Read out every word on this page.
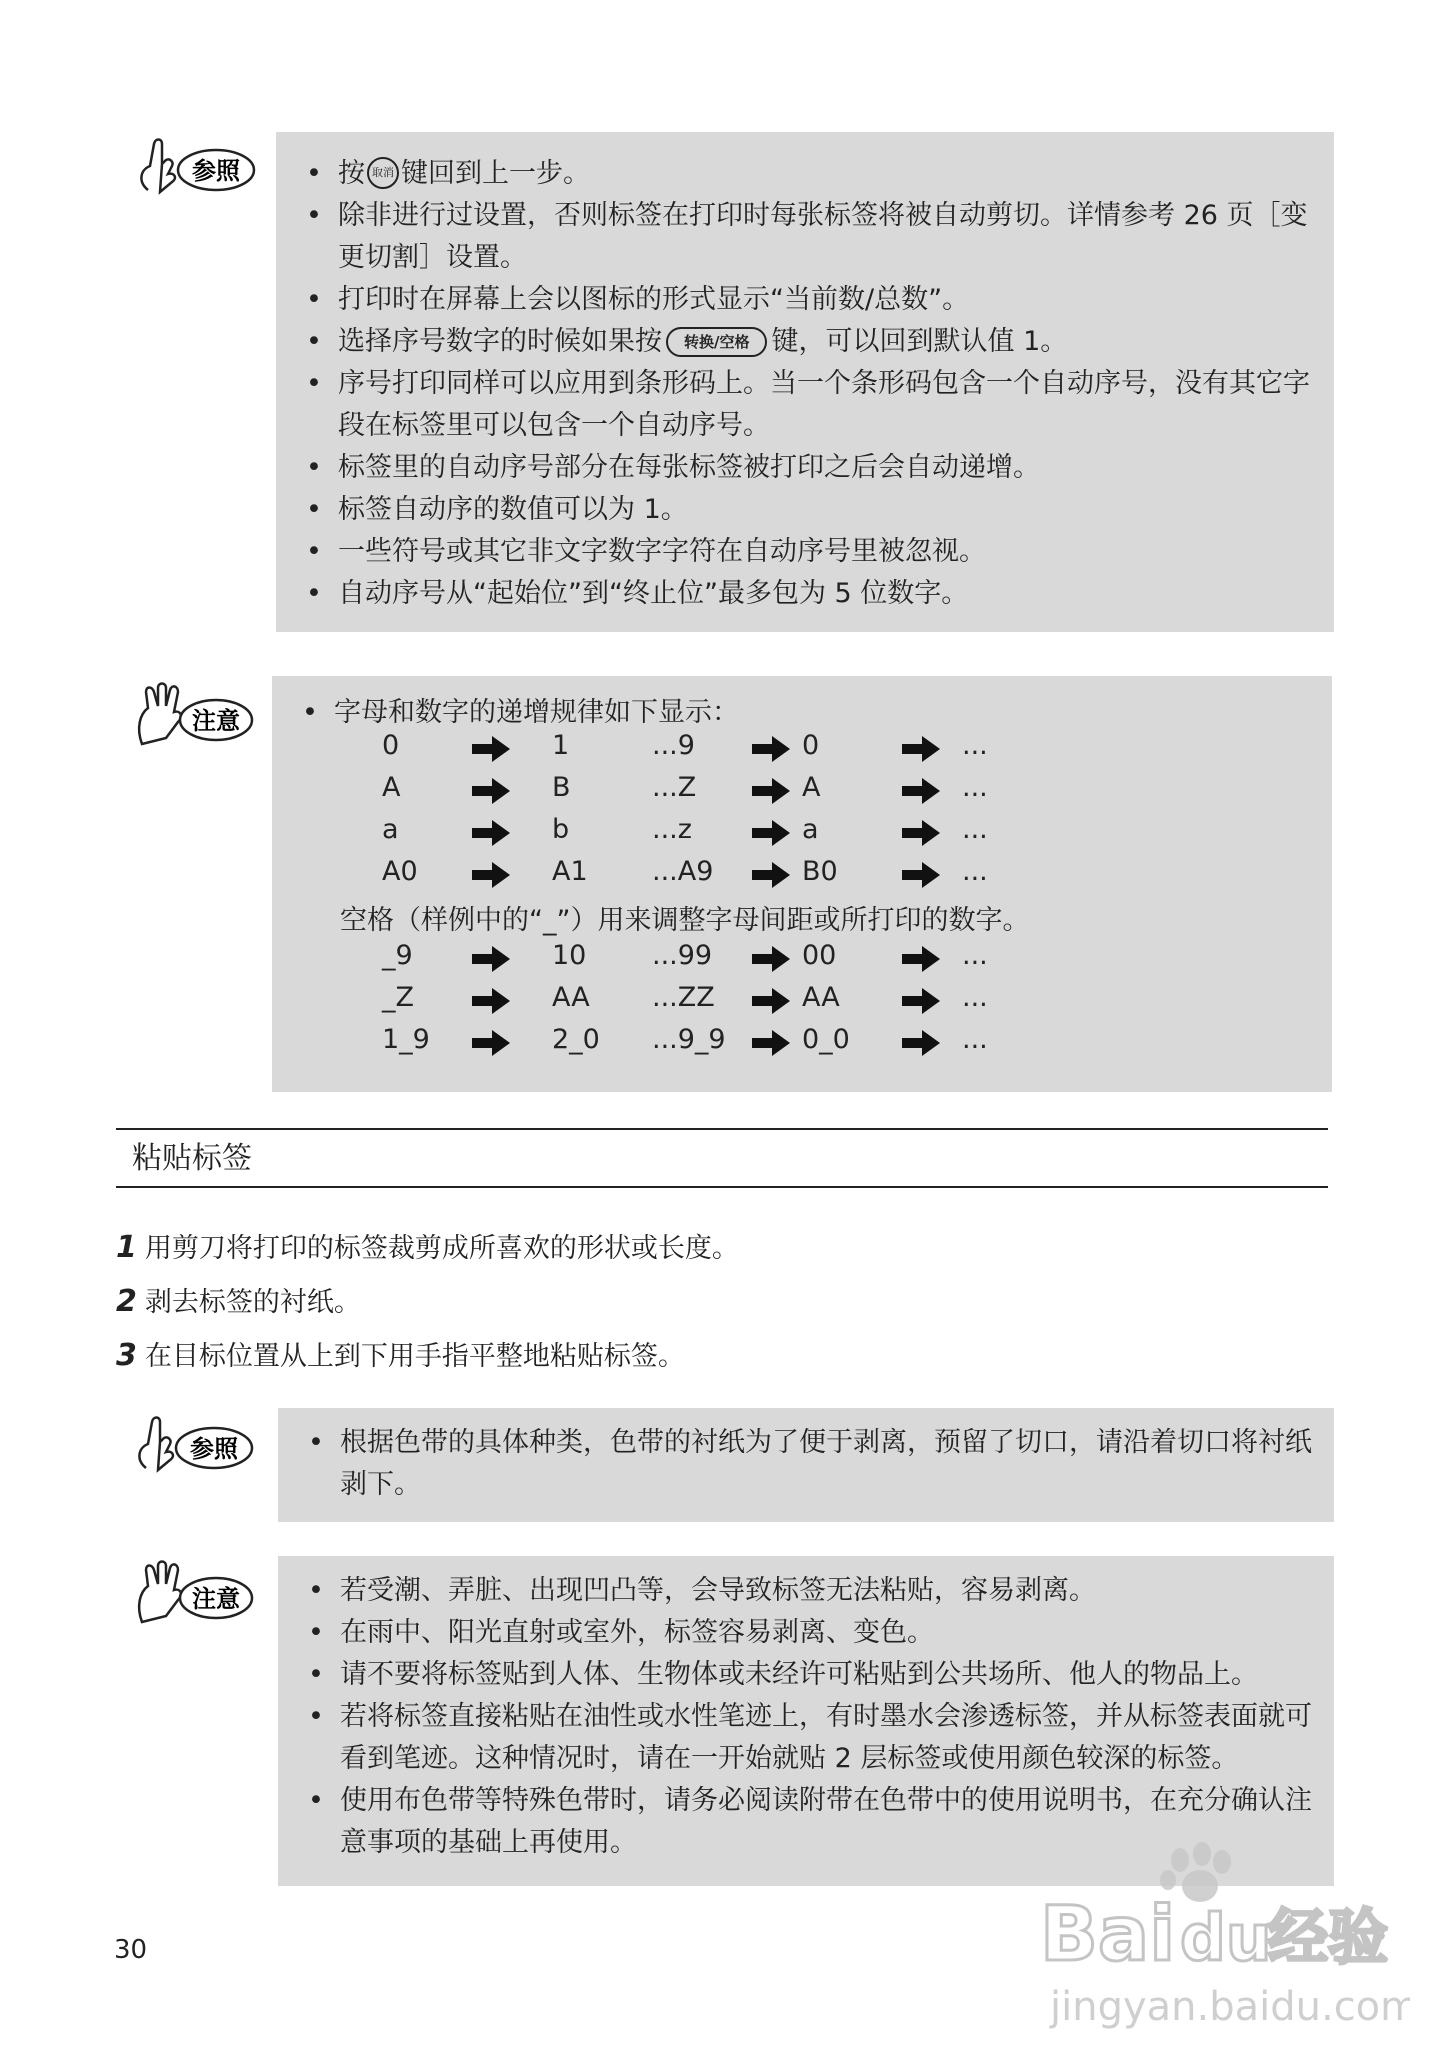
参照	• 按 取消 键回到上一步。
• 除非进行过设置，否则标签在打印时每张标签将被自动剪切。详情参考 26 页［变更切割］设置。
• 打印时在屏幕上会以图标的形式显示“当前数/总数”。
• 选择序号数字的时候如果按 转换/空格 键，可以回到默认值 1。
• 序号打印同样可以应用到条形码上。当一个条形码包含一个自动序号，没有其它字段在标签里可以包含一个自动序号。
• 标签里的自动序号部分在每张标签被打印之后会自动递增。
• 标签自动序的数值可以为 1。
• 一些符号或其它非文字数字字符在自动序号里被忽视。
• 自动序号从“起始位”到“终止位”最多包为 5 位数字。
注意	• 字母和数字的递增规律如下显示：
0	1	...9	0	...
A	B	...Z	A	...
a	b	...z	a	...
A0	A1 ...A9	B0	...
空格（样例中的“_”）用来调整字母间距或所打印的数字。
_9	10 ...99	00	...
_Z	AA ...ZZ	AA	...
1_9	2_0 ...9_9	0_0	...
粘贴标签
1 用剪刀将打印的标签裁剪成所喜欢的形状或长度。
2 剥去标签的衬纸。
3 在目标位置从上到下用手指平整地粘贴标签。
参照	• 根据色带的具体种类，色带的衬纸为了便于剥离，预留了切口，请沿着切口将衬纸剥下。
注意	• 若受潮、弄脏、出现凹凸等，会导致标签无法粘贴，容易剥离。
• 在雨中、阳光直射或室外，标签容易剥离、变色。
• 请不要将标签贴到人体、生物体或未经许可粘贴到公共场所、他人的物品上。
• 若将标签直接粘贴在油性或水性笔迹上，有时墨水会渗透标签，并从标签表面就可看到笔迹。这种情况时，请在一开始就贴 2 层标签或使用颜色较深的标签。
• 使用布色带等特殊色带时，请务必阅读附带在色带中的使用说明书，在充分确认注意事项的基础上再使用。
30	Bai du
经验
jingyan.baidu.com
